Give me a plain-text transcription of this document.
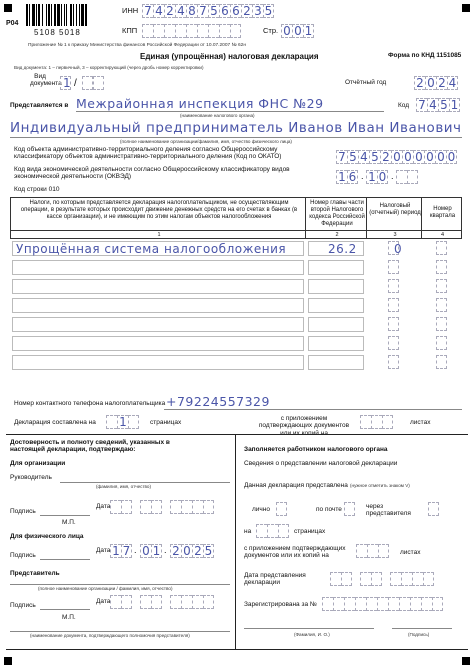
P04
5108 5018
ИНН 7 4 2 4 8 7 5 6 6 2 3 5
КПП	Стр. 0 0 1
Приложение № 1 к приказу Министерства финансов Российской Федерации от 10.07.2007 № 62н
Единая (упрощённая) налоговая декларация	Форма по КНД 1151085
Вид документа: 1 – первичный, 3 – корректирующий (через дробь номер корректировки)
Вид документа 1 /	Отчётный год 2 0 2 4
Представляется в Межрайонная инспекция ФНС №29
(наименование налогового органа)
Код 7 4 5 1
Индивидуальный предприниматель Иванов Иван Иванович
(полное наименование организации/фамилия, имя, отчество физического лица)
Код объекта административно-территориального деления согласно Общероссийскому классификатору объектов административно-территориального деления (Код по ОКАТО)	7 5 4 5 2 0 0 0 0 0 0
Код вида экономической деятельности согласно Общероссийскому классификатору видов экономической деятельности (ОКВЭД)	1 6 . 1 0 .
Код строки 010
Налоги, по которым представляется декларация налогоплательщиком, не осуществляющим операции, в результате которых происходит движение денежных средств на его счетах в банках (в кассе организации), и не имеющим по этим налогам объектов налогообложения
Номер главы части второй Налогового кодекса Российской Федерации
Налоговый (отчетный) период
Номер квартала
1	2	3	4
Упрощённая система налогообложения	26.2	0
Номер контактного телефона налогоплательщика +79224557329
Декларация составлена на 1	страницах
с приложением подтверждающих документов или их копий на
листах
Достоверность и полноту сведений, указанных в настоящей декларации, подтверждаю:
Для организации
Руководитель
(фамилия, имя, отчество)
Подпись
Дата
М.П.
Для физического лица
Подпись
Дата 1 7 . 0 1 . 2 0 2 5
Представитель
(полное наименование организации / фамилия, имя, отчество)
Подпись
Дата
М.П.
(наименование документа, подтверждающего полномочия представителя)
Заполняется работником налогового органа
Сведения о представлении налоговой декларации
Данная декларация представлена (нужное отметить знаком V)
лично	по почте	через представителя
на	страницах
с приложением подтверждающих документов или их копий на	листах
Дата представления декларации
Зарегистрирована за №
(Фамилия, И. О.)	(Подпись)
